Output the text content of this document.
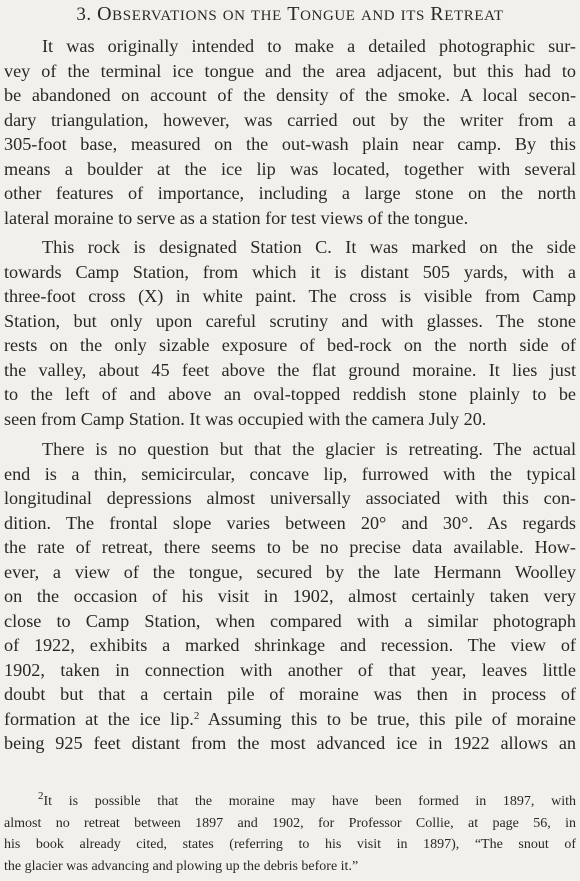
3. OBSERVATIONS ON THE TONGUE AND ITS RETREAT
It was originally intended to make a detailed photographic sur-
vey of the terminal ice tongue and the area adjacent, but this had to
be abandoned on account of the density of the smoke. A local secon-
dary triangulation, however, was carried out by the writer from a
305-foot base, measured on the out-wash plain near camp. By this
means a boulder at the ice lip was located, together with several
other features of importance, including a large stone on the north
lateral moraine to serve as a station for test views of the tongue.
This rock is designated Station C. It was marked on the side
towards Camp Station, from which it is distant 505 yards, with a
three-foot cross (X) in white paint. The cross is visible from Camp
Station, but only upon careful scrutiny and with glasses. The stone
rests on the only sizable exposure of bed-rock on the north side of
the valley, about 45 feet above the flat ground moraine. It lies just
to the left of and above an oval-topped reddish stone plainly to be
seen from Camp Station. It was occupied with the camera July 20.
There is no question but that the glacier is retreating. The actual
end is a thin, semicircular, concave lip, furrowed with the typical
longitudinal depressions almost universally associated with this con-
dition. The frontal slope varies between 20° and 30°. As regards
the rate of retreat, there seems to be no precise data available. How-
ever, a view of the tongue, secured by the late Hermann Woolley
on the occasion of his visit in 1902, almost certainly taken very
close to Camp Station, when compared with a similar photograph
of 1922, exhibits a marked shrinkage and recession. The view of
1902, taken in connection with another of that year, leaves little
doubt but that a certain pile of moraine was then in process of
formation at the ice lip.$^2$ Assuming this to be true, this pile of moraine
being 925 feet distant from the most advanced ice in 1922 allows an
$^2$It is possible that the moraine may have been formed in 1897, with
almost no retreat between 1897 and 1902, for Professor Collie, at page 56, in
his book already cited, states (referring to his visit in 1897), “The snout of
the glacier was advancing and plowing up the debris before it.”
